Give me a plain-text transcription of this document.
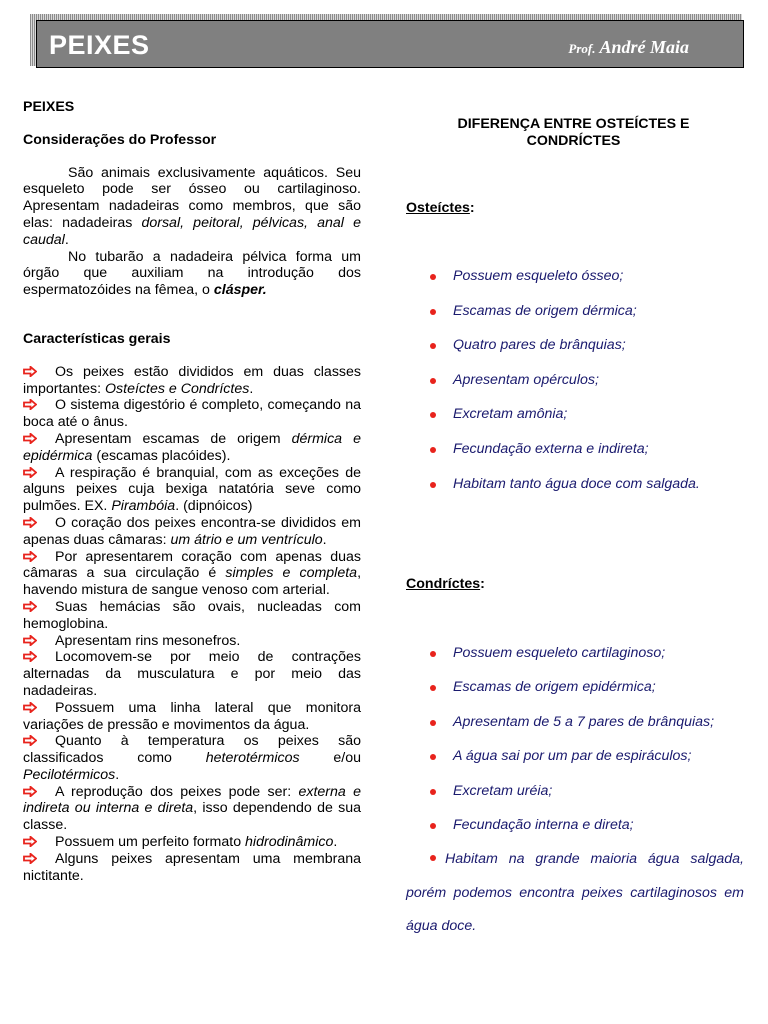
PEIXES	Prof. André Maia
PEIXES
Considerações do Professor
São animais exclusivamente aquáticos. Seu esqueleto pode ser ósseo ou cartilaginoso. Apresentam nadadeiras como membros, que são elas: nadadeiras dorsal, peitoral, pélvicas, anal e caudal.
No tubarão a nadadeira pélvica forma um órgão que auxiliam na introdução dos espermatozóides na fêmea, o clásper.
Características gerais
Os peixes estão divididos em duas classes importantes: Osteíctes e Condríctes.
O sistema digestório é completo, começando na boca até o ânus.
Apresentam escamas de origem dérmica e epidérmica (escamas placóides).
A respiração é branquial, com as exceções de alguns peixes cuja bexiga natatória seve como pulmões. EX. Pirambóia. (dipnóicos)
O coração dos peixes encontra-se divididos em apenas duas câmaras: um átrio e um ventrículo.
Por apresentarem coração com apenas duas câmaras a sua circulação é simples e completa, havendo mistura de sangue venoso com arterial.
Suas hemácias são ovais, nucleadas com hemoglobina.
Apresentam rins mesonefros.
Locomovem-se por meio de contrações alternadas da musculatura e por meio das nadadeiras.
Possuem uma linha lateral que monitora variações de pressão e movimentos da água.
Quanto à temperatura os peixes são classificados como heterotérmicos e/ou Pecilotérmicos.
A reprodução dos peixes pode ser: externa e indireta ou interna e direta, isso dependendo de sua classe.
Possuem um perfeito formato hidrodinâmico.
Alguns peixes apresentam uma membrana nictitante.
DIFERENÇA ENTRE OSTEÍCTES E
CONDRÍCTES
Osteíctes:
Possuem esqueleto ósseo;
Escamas de origem dérmica;
Quatro pares de brânquias;
Apresentam opérculos;
Excretam amônia;
Fecundação externa e indireta;
Habitam tanto água doce com salgada.
Condríctes:
Possuem esqueleto cartilaginoso;
Escamas de origem epidérmica;
Apresentam de 5 a 7 pares de brânquias;
A água sai por um par de espiráculos;
Excretam uréia;
Fecundação interna e direta;
Habitam na grande maioria água salgada, porém podemos encontra peixes cartilaginosos em água doce.
